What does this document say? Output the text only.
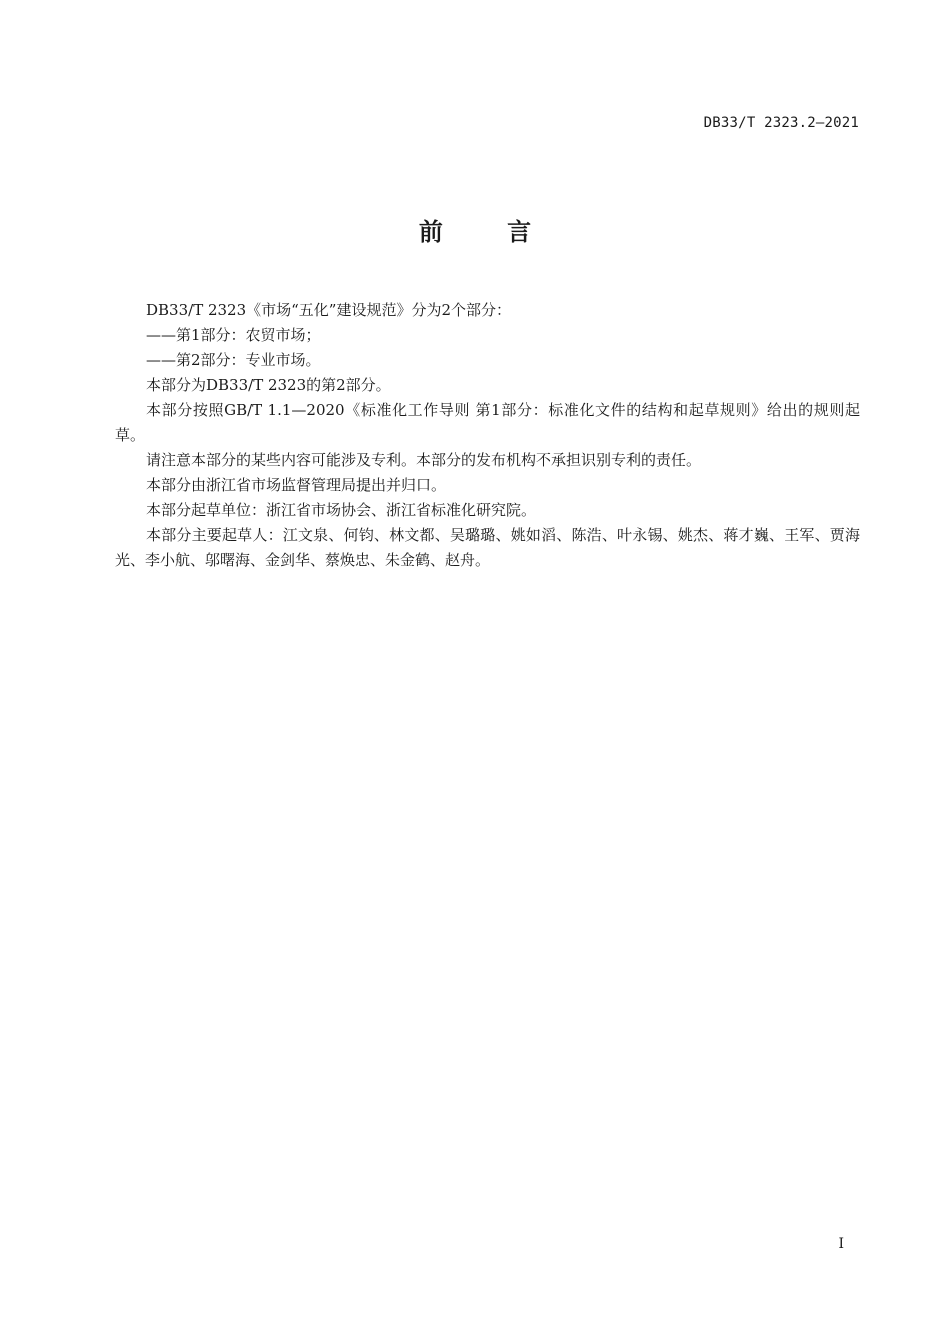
DB33/T 2323.2—2021
前 言

DB33/T 2323《市场“五化”建设规范》分为2个部分：

——第1部分：农贸市场；

——第2部分：专业市场。

本部分为DB33/T 2323的第2部分。

本部分按照GB/T 1.1—2020《标准化工作导则 第1部分：标准化文件的结构和起草规则》给出的规则起草。

请注意本部分的某些内容可能涉及专利。本部分的发布机构不承担识别专利的责任。

本部分由浙江省市场监督管理局提出并归口。

本部分起草单位：浙江省市场协会、浙江省标准化研究院。

本部分主要起草人：江文泉、何钧、林文都、吴璐璐、姚如滔、陈浩、叶永锡、姚杰、蒋才巍、王军、贾海光、李小航、邬曙海、金剑华、蔡焕忠、朱金鹤、赵舟。

I
